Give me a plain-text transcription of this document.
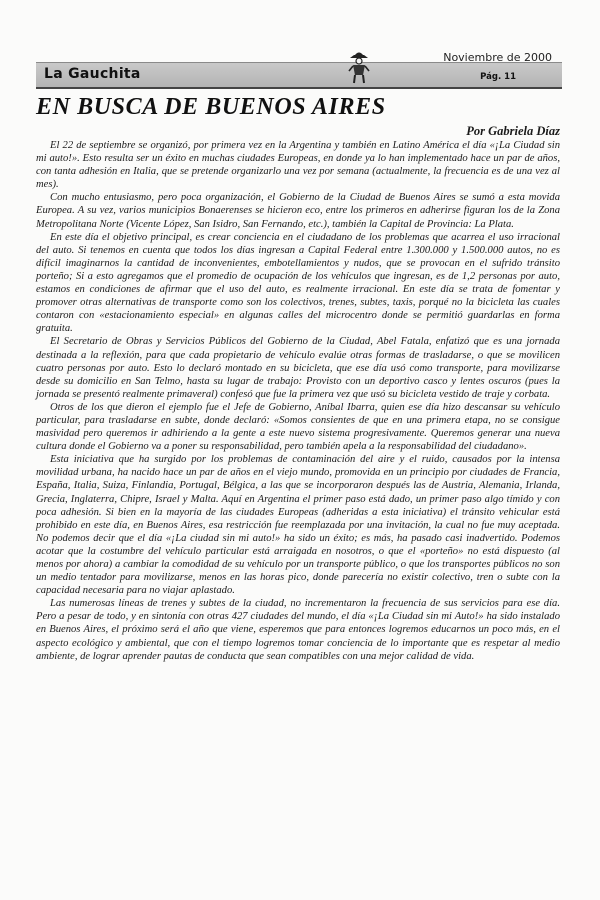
La Gauchita
Noviembre de 2000
Pág. 11
EN BUSCA DE BUENOS AIRES

Por Gabriela Díaz

El 22 de septiembre se organizó, por primera vez en la Argentina y también en Latino América el día «¡La Ciudad sin mi auto!». Esto resulta ser un éxito en muchas ciudades Europeas, en donde ya lo han implementado hace un par de años, con tanta adhesión en Italia, que se pretende organizarlo una vez por semana (actualmente, la frecuencia es de una vez al mes).

Con mucho entusiasmo, pero poca organización, el Gobierno de la Ciudad de Buenos Aires se sumó a esta movida Europea. A su vez, varios municipios Bonaerenses se hicieron eco, entre los primeros en adherirse figuran los de la Zona Metropolitana Norte (Vicente López, San Isidro, San Fernando, etc.), también la Capital de Provincia: La Plata.

En este día el objetivo principal, es crear conciencia en el ciudadano de los problemas que acarrea el uso irracional del auto. Si tenemos en cuenta que todos los días ingresan a Capital Federal entre 1.300.000 y 1.500.000 autos, no es difícil imaginarnos la cantidad de inconvenientes, embotellamientos y nudos, que se provocan en el sufrido tránsito porteño; Si a esto agregamos que el promedio de ocupación de los vehículos que ingresan, es de 1,2 personas por auto, estamos en condiciones de afirmar que el uso del auto, es realmente irracional. En este día se trata de fomentar y promover otras alternativas de transporte como son los colectivos, trenes, subtes, taxis, porqué no la bicicleta las cuales contaron con «estacionamiento especial» en algunas calles del microcentro donde se permitió guardarlas en forma gratuita.

El Secretario de Obras y Servicios Públicos del Gobierno de la Ciudad, Abel Fatala, enfatizó que es una jornada destinada a la reflexión, para que cada propietario de vehículo evalúe otras formas de trasladarse, o que se movilicen cuatro personas por auto. Esto lo declaró montado en su bicicleta, que ese día usó como transporte, para movilizarse desde su domicilio en San Telmo, hasta su lugar de trabajo: Provisto con un deportivo casco y lentes oscuros (pues la jornada se presentó realmente primaveral) confesó que fue la primera vez que usó su bicicleta vestido de traje y corbata.

Otros de los que dieron el ejemplo fue el Jefe de Gobierno, Aníbal Ibarra, quien ese día hizo descansar su vehículo particular, para trasladarse en subte, donde declaró: «Somos consientes de que en una primera etapa, no se consigue masividad pero queremos ir adhiriendo a la gente a este nuevo sistema progresivamente. Queremos generar una nueva cultura donde el Gobierno va a poner su responsabilidad, pero también apela a la responsabilidad del ciudadano».

Esta iniciativa que ha surgido por los problemas de contaminación del aire y el ruido, causados por la intensa movilidad urbana, ha nacido hace un par de años en el viejo mundo, promovida en un principio por ciudades de Francia, España, Italia, Suiza, Finlandia, Portugal, Bélgica, a las que se incorporaron después las de Austria, Alemania, Irlanda, Grecia, Inglaterra, Chipre, Israel y Malta. Aquí en Argentina el primer paso está dado, un primer paso algo tímido y con poca adhesión. Si bien en la mayoría de las ciudades Europeas (adheridas a esta iniciativa) el tránsito vehicular está prohibido en este día, en Buenos Aires, esa restricción fue reemplazada por una invitación, la cual no fue muy aceptada. No podemos decir que el día «¡La ciudad sin mi auto!» ha sido un éxito; es más, ha pasado casi inadvertido. Podemos acotar que la costumbre del vehículo particular está arraigada en nosotros, o que el «porteño» no está dispuesto (al menos por ahora) a cambiar la comodidad de su vehículo por un transporte público, o que los transportes públicos no son un medio tentador para movilizarse, menos en las horas pico, donde parecería no existir colectivo, tren o subte con la capacidad necesaria para no viajar aplastado.

Las numerosas líneas de trenes y subtes de la ciudad, no incrementaron la frecuencia de sus servicios para ese día. Pero a pesar de todo, y en sintonía con otras 427 ciudades del mundo, el día «¡La Ciudad sin mi Auto!» ha sido instalado en Buenos Aires, el próximo será el año que viene, esperemos que para entonces logremos educarnos un poco más, en el aspecto ecológico y ambiental, que con el tiempo logremos tomar conciencia de lo importante que es respetar al medio ambiente, de lograr aprender pautas de conducta que sean compatibles con una mejor calidad de vida.
